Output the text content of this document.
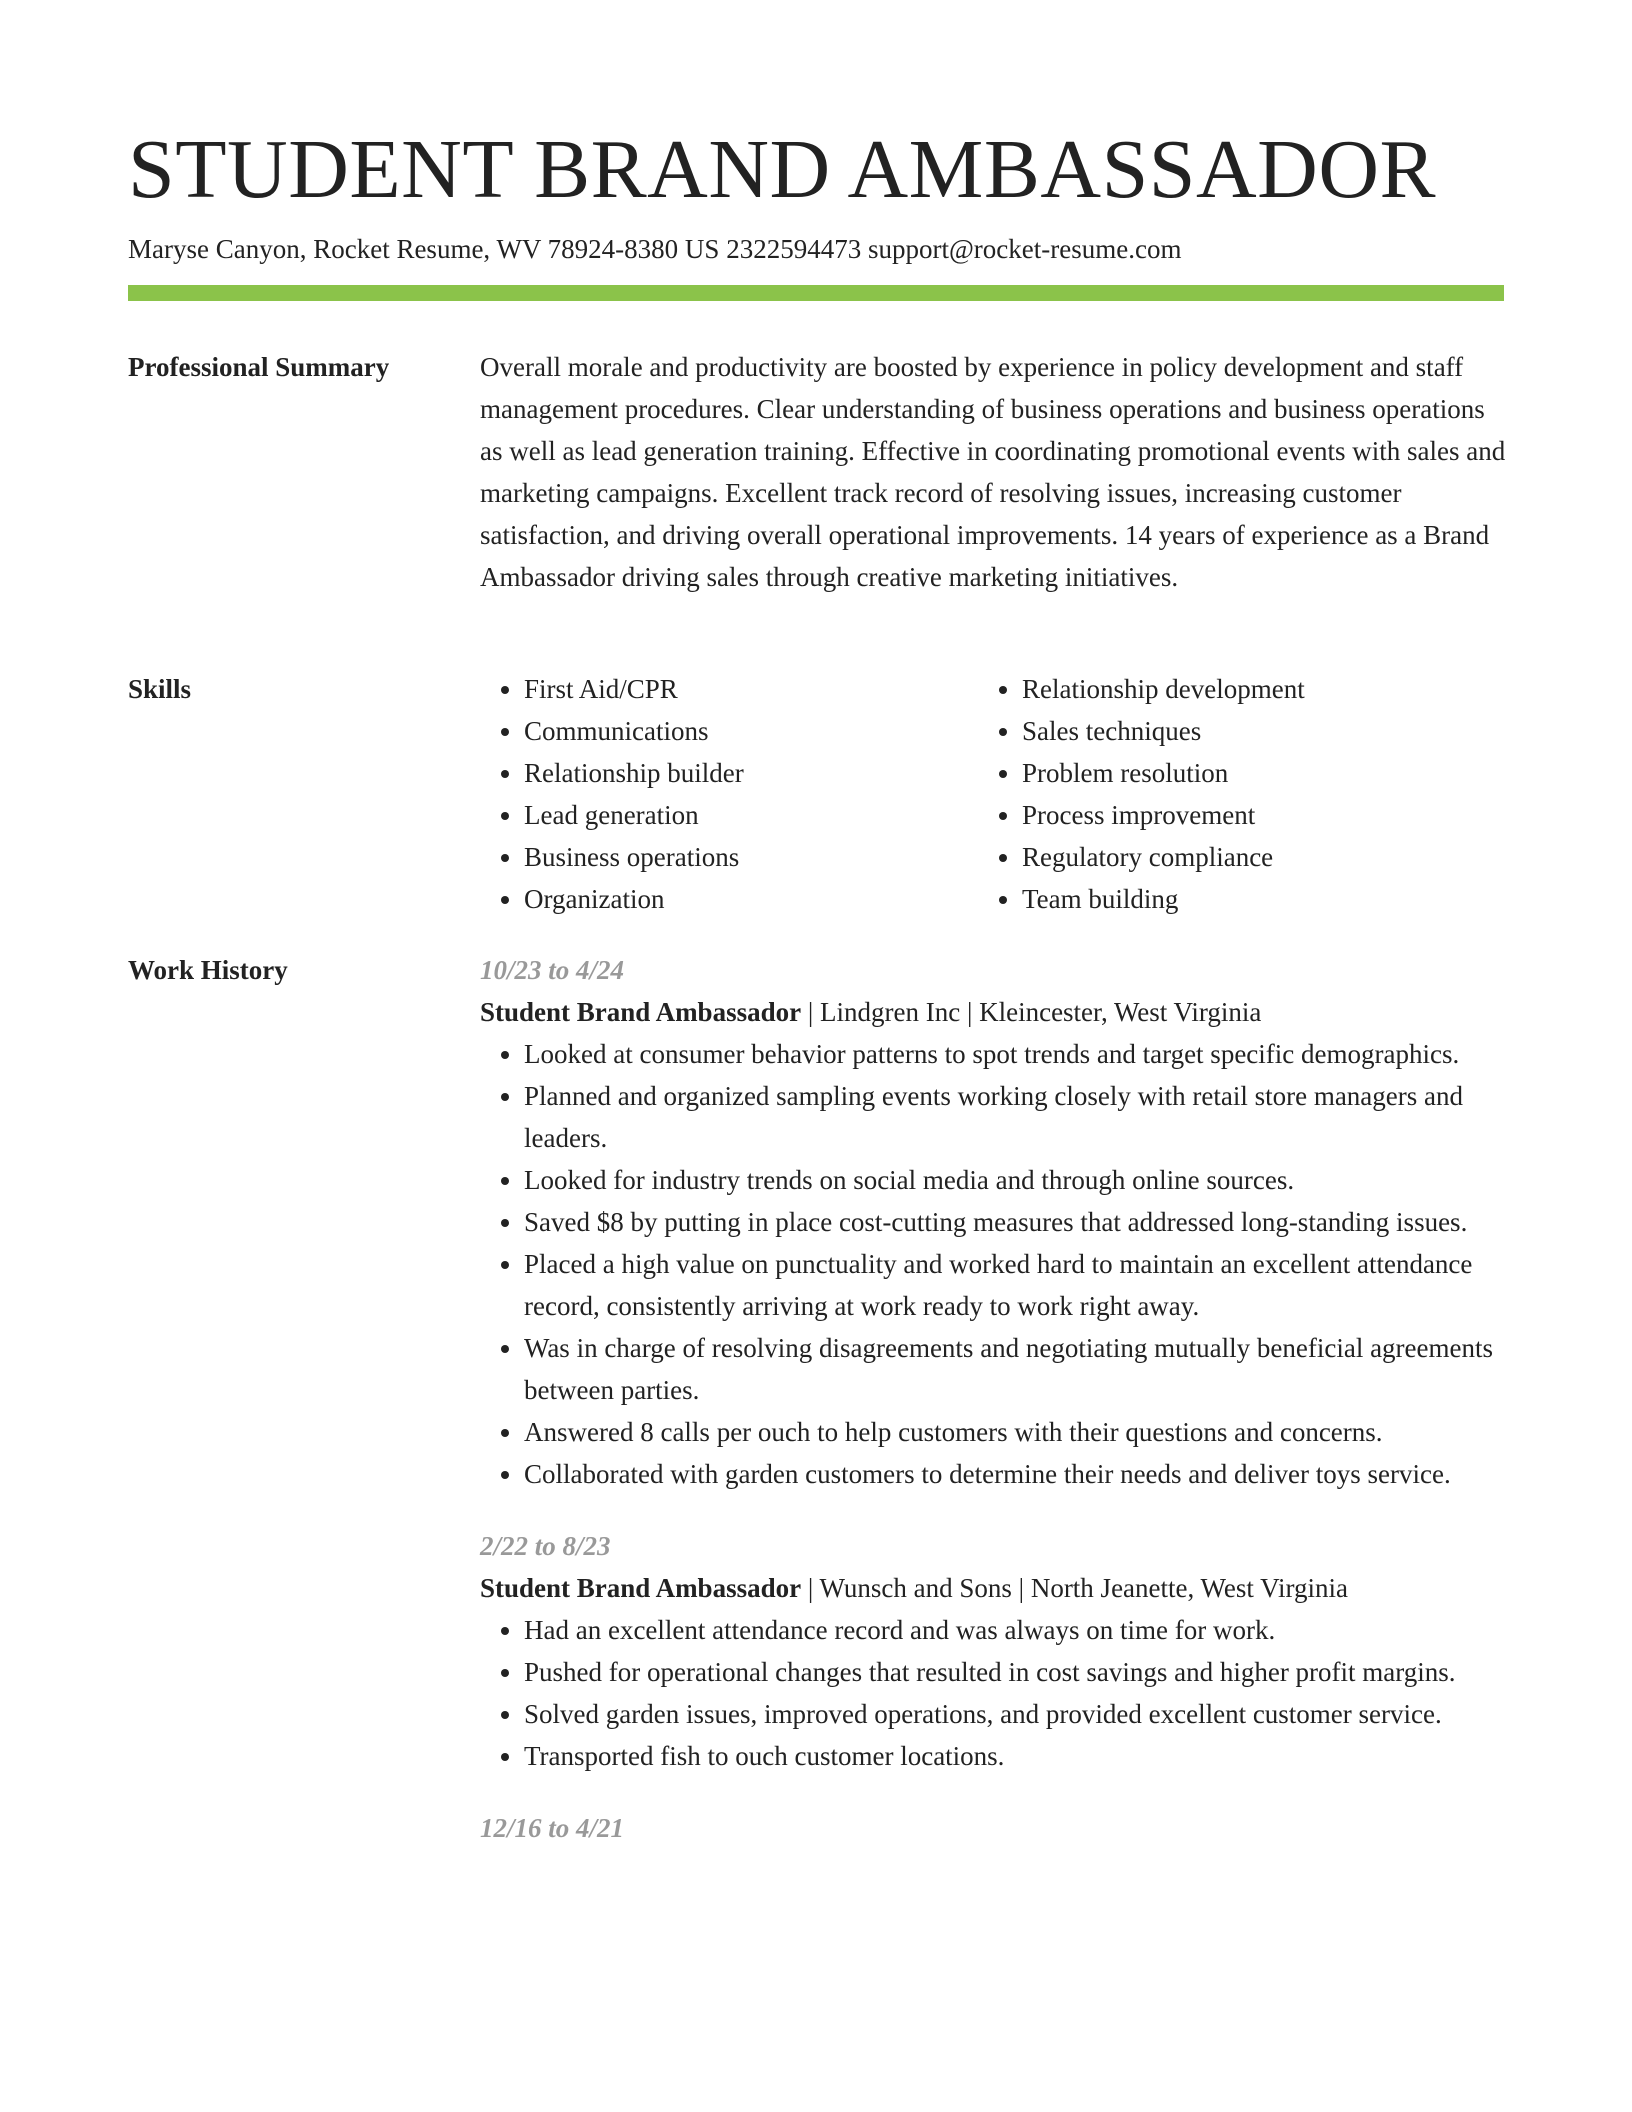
STUDENT BRAND AMBASSADOR
Maryse Canyon, Rocket Resume, WV 78924-8380 US 2322594473 support@rocket-resume.com
Professional Summary	Overall morale and productivity are boosted by experience in policy development and staff management procedures. Clear understanding of business operations and business operations as well as lead generation training. Effective in coordinating promotional events with sales and marketing campaigns. Excellent track record of resolving issues, increasing customer satisfaction, and driving overall operational improvements. 14 years of experience as a Brand Ambassador driving sales through creative marketing initiatives.

Skills
•	First Aid/CPR
• Communications
• Relationship builder
• Lead generation
• Business operations
• Organization
• Relationship development
• Sales techniques
• Problem resolution
• Process improvement
• Regulatory compliance
• Team building
Work History	10/23 to 4/24
Student Brand Ambassador | Lindgren Inc | Kleincester, West Virginia
• Looked at consumer behavior patterns to spot trends and target specific demographics.
• Planned and organized sampling events working closely with retail store managers and leaders.
• Looked for industry trends on social media and through online sources.
• Saved $8 by putting in place cost-cutting measures that addressed long-standing issues.
• Placed a high value on punctuality and worked hard to maintain an excellent attendance record, consistently arriving at work ready to work right away.
• Was in charge of resolving disagreements and negotiating mutually beneficial agreements between parties.
• Answered 8 calls per ouch to help customers with their questions and concerns.
• Collaborated with garden customers to determine their needs and deliver toys service.
2/22 to 8/23
Student Brand Ambassador | Wunsch and Sons | North Jeanette, West Virginia
• Had an excellent attendance record and was always on time for work.
• Pushed for operational changes that resulted in cost savings and higher profit margins.
• Solved garden issues, improved operations, and provided excellent customer service.
• Transported fish to ouch customer locations.
12/16 to 4/21
